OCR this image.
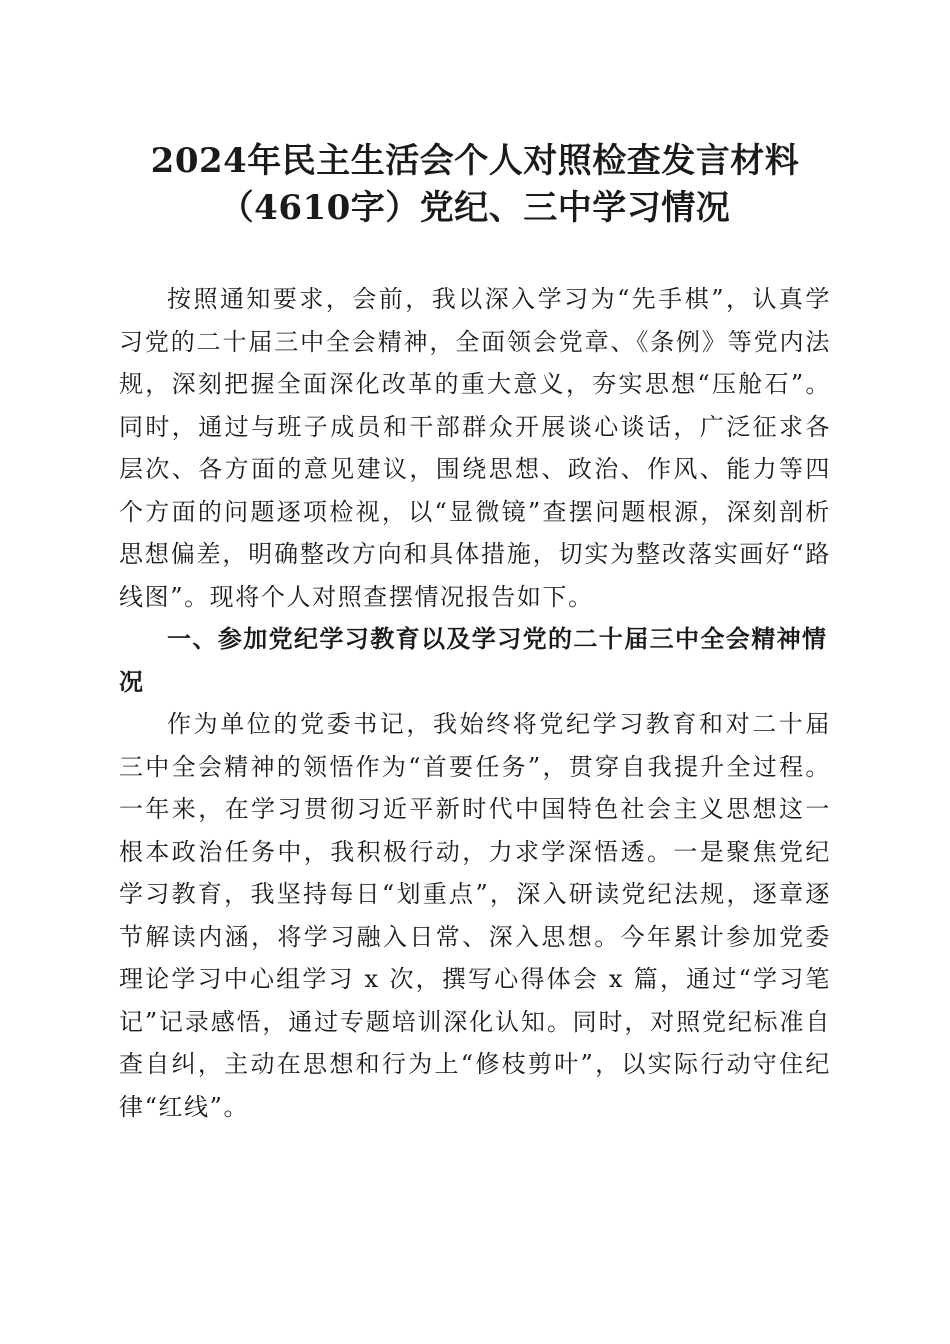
2024年民主生活会个人对照检查发言材料
（4610字）党纪、三中学习情况

按照通知要求，会前，我以深入学习为“先手棋”，认真学习党的二十届三中全会精神，全面领会党章、《条例》等党内法规，深刻把握全面深化改革的重大意义，夯实思想“压舱石”。同时，通过与班子成员和干部群众开展谈心谈话，广泛征求各层次、各方面的意见建议，围绕思想、政治、作风、能力等四个方面的问题逐项检视，以“显微镜”查摆问题根源，深刻剖析思想偏差，明确整改方向和具体措施，切实为整改落实画好“路线图”。现将个人对照查摆情况报告如下。

一、参加党纪学习教育以及学习党的二十届三中全会精神情况

作为单位的党委书记，我始终将党纪学习教育和对二十届三中全会精神的领悟作为“首要任务”，贯穿自我提升全过程。一年来，在学习贯彻习近平新时代中国特色社会主义思想这一根本政治任务中，我积极行动，力求学深悟透。一是聚焦党纪学习教育，我坚持每日“划重点”，深入研读党纪法规，逐章逐节解读内涵，将学习融入日常、深入思想。今年累计参加党委理论学习中心组学习 x 次，撰写心得体会 x 篇，通过“学习笔记”记录感悟，通过专题培训深化认知。同时，对照党纪标准自查自纠，主动在思想和行为上“修枝剪叶”，以实际行动守住纪律“红线”。
